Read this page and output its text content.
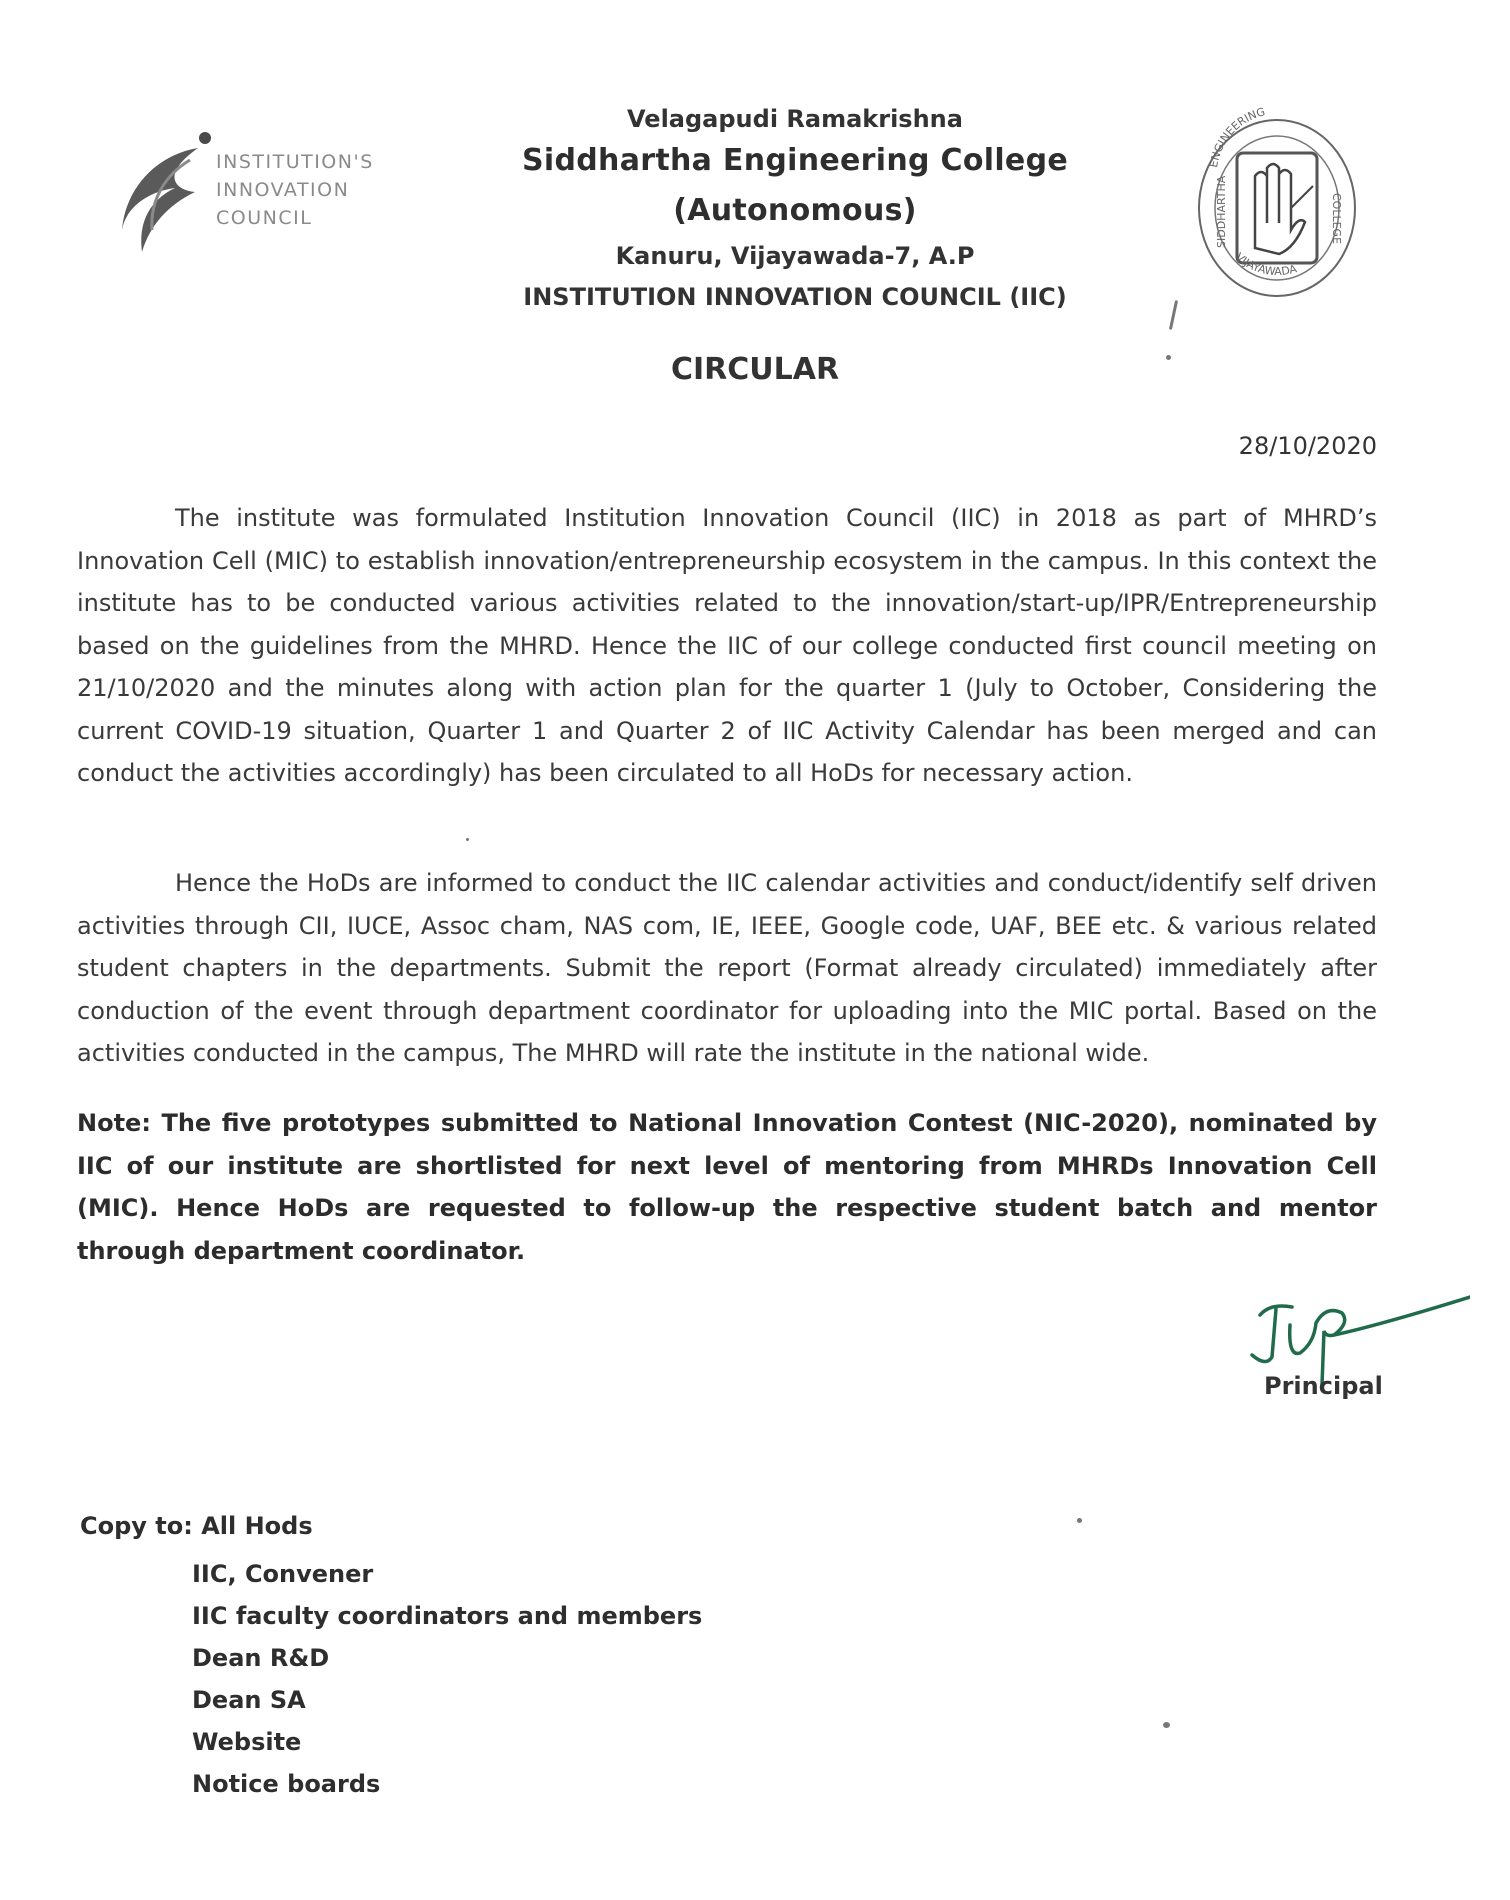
INSTITUTION'S
INNOVATION
COUNCIL
Velagapudi Ramakrishna
Siddhartha Engineering College (Autonomous)
Kanuru, Vijayawada-7, A.P
INSTITUTION INNOVATION COUNCIL (IIC)
ENGINEERING
SIDDHARTHA	COLLEGE
VIJAYAWADA
CIRCULAR
28/10/2020
The institute was formulated Institution Innovation Council (IIC) in 2018 as part of MHRD’s Innovation Cell (MIC) to establish innovation/entrepreneurship ecosystem in the campus. In this context the institute has to be conducted various activities related to the innovation/start-up/IPR/Entrepreneurship based on the guidelines from the MHRD. Hence the IIC of our college conducted first council meeting on 21/10/2020 and the minutes along with action plan for the quarter 1 (July to October, Considering the current COVID-19 situation, Quarter 1 and Quarter 2 of IIC Activity Calendar has been merged and can conduct the activities accordingly) has been circulated to all HoDs for necessary action.
Hence the HoDs are informed to conduct the IIC calendar activities and conduct/identify self driven activities through CII, IUCE, Assoc cham, NAS com, IE, IEEE, Google code, UAF, BEE etc. & various related student chapters in the departments. Submit the report (Format already circulated) immediately after conduction of the event through department coordinator for uploading into the MIC portal. Based on the activities conducted in the campus, The MHRD will rate the institute in the national wide.
Note: The five prototypes submitted to National Innovation Contest (NIC-2020), nominated by IIC of our institute are shortlisted for next level of mentoring from MHRDs Innovation Cell (MIC). Hence HoDs are requested to follow-up the respective student batch and mentor through department coordinator.
Principal
Copy to: All Hods
IIC, Convener
IIC faculty coordinators and members
Dean R&D
Dean SA
Website
Notice boards
